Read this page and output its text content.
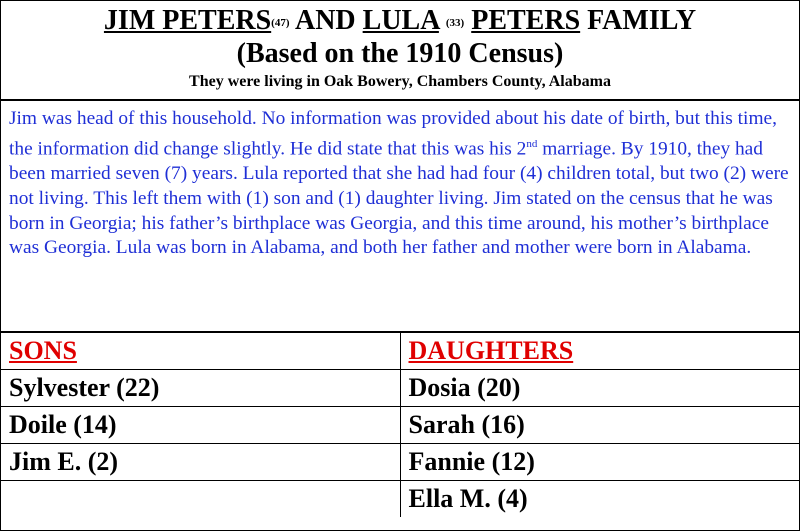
JIM PETERS$^{(47)}$ AND LULA $^{(33)}$ PETERS FAMILY
(Based on the 1910 Census)
They were living in Oak Bowery, Chambers County, Alabama
Jim was head of this household. No information was provided about his date of birth, but this time, the information did change slightly. He did state that this was his 2nd marriage. By 1910, they had been married seven (7) years. Lula reported that she had had four (4) children total, but two (2) were not living. This left them with (1) son and (1) daughter living. Jim stated on the census that he was born in Georgia; his father’s birthplace was Georgia, and this time around, his mother’s birthplace was Georgia. Lula was born in Alabama, and both her father and mother were born in Alabama.
SONS	DAUGHTERS
Sylvester (22)	Dosia (20)
Doile (14)	Sarah (16)
Jim E. (2)	Fannie (12)
	Ella M. (4)
